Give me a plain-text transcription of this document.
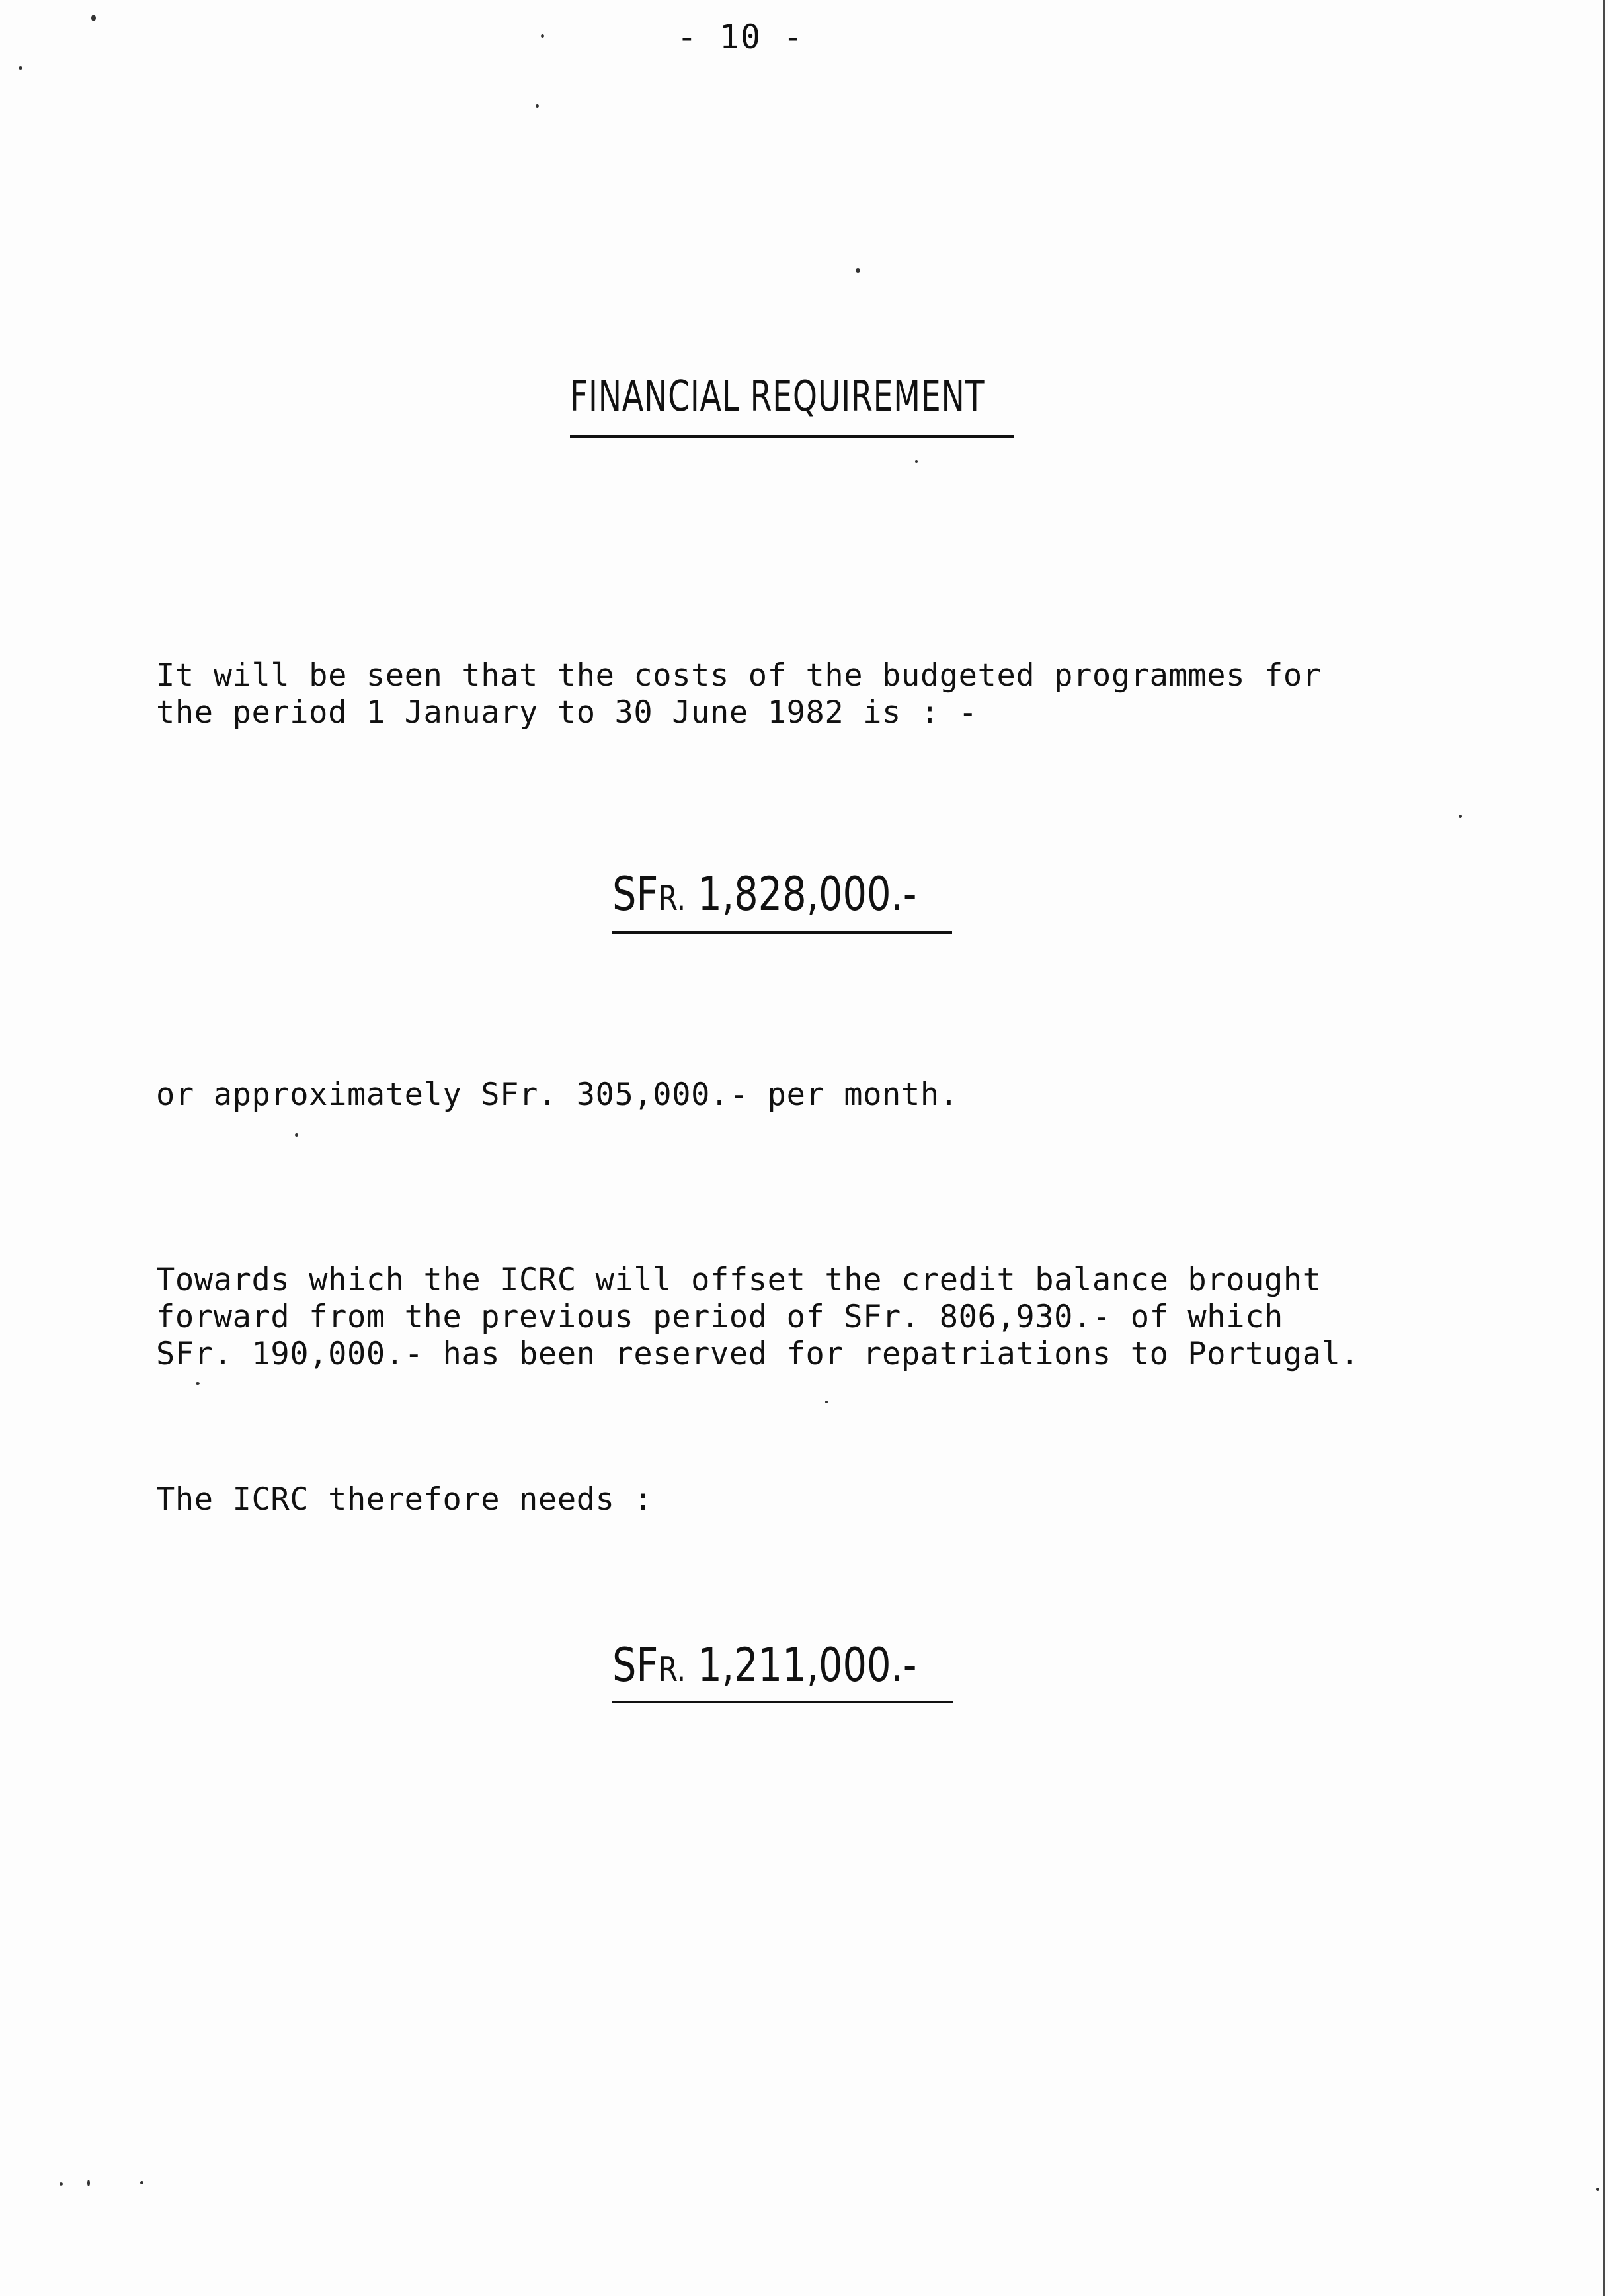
- 10 -
FINANCIAL REQUIREMENT
It will be seen that the costs of the budgeted programmes for
the period 1 January to 30 June 1982 is : -
SFR. 1,828,000.-
or approximately SFr. 305,000.- per month.
Towards which the ICRC will offset the credit balance brought
forward from the previous period of SFr. 806,930.- of which
SFr. 190,000.- has been reserved for repatriations to Portugal.
The ICRC therefore needs :
SFR. 1,211,000.-
